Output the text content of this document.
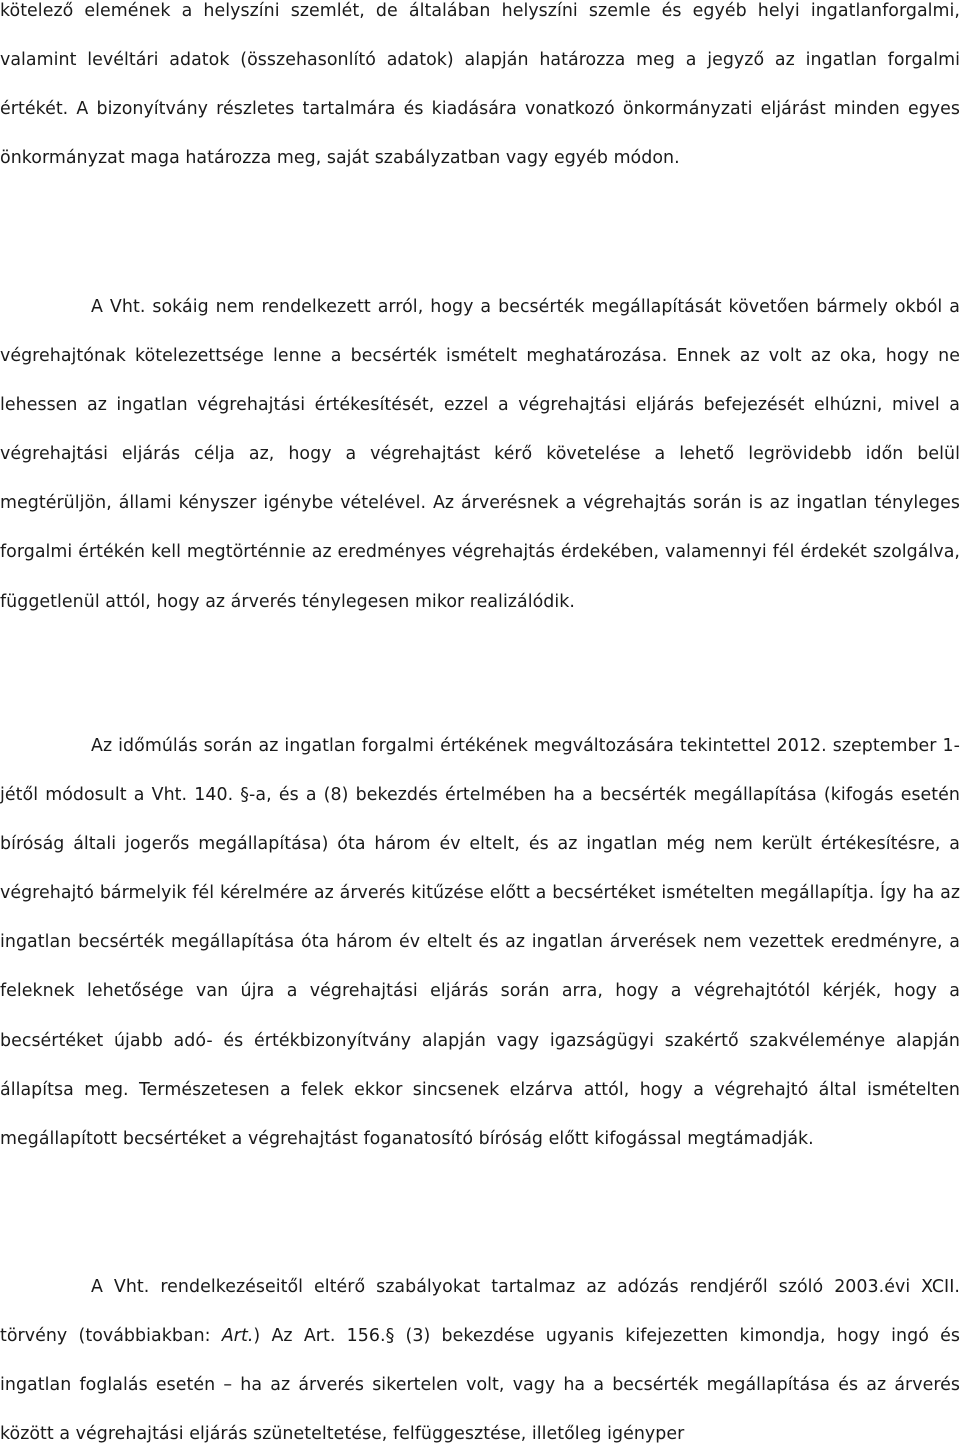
kötelező elemének a helyszíni szemlét, de általában helyszíni szemle és egyéb helyi ingatlanforgalmi, valamint levéltári adatok (összehasonlító adatok) alapján határozza meg a jegyző az ingatlan forgalmi értékét. A bizonyítvány részletes tartalmára és kiadására vonatkozó önkormányzati eljárást minden egyes önkormányzat maga határozza meg, saját szabályzatban vagy egyéb módon.

A Vht. sokáig nem rendelkezett arról, hogy a becsérték megállapítását követően bármely okból a végrehajtónak kötelezettsége lenne a becsérték ismételt meghatározása. Ennek az volt az oka, hogy ne lehessen az ingatlan végrehajtási értékesítését, ezzel a végrehajtási eljárás befejezését elhúzni, mivel a végrehajtási eljárás célja az, hogy a végrehajtást kérő követelése a lehető legrövidebb időn belül megtérüljön, állami kényszer igénybe vételével. Az árverésnek a végrehajtás során is az ingatlan tényleges forgalmi értékén kell megtörténnie az eredményes végrehajtás érdekében, valamennyi fél érdekét szolgálva, függetlenül attól, hogy az árverés ténylegesen mikor realizálódik.

Az időmúlás során az ingatlan forgalmi értékének megváltozására tekintettel 2012. szeptember 1-jétől módosult a Vht. 140. §-a, és a (8) bekezdés értelmében ha a becsérték megállapítása (kifogás esetén bíróság általi jogerős megállapítása) óta három év eltelt, és az ingatlan még nem került értékesítésre, a végrehajtó bármelyik fél kérelmére az árverés kitűzése előtt a becsértéket ismételten megállapítja. Így ha az ingatlan becsérték megállapítása óta három év eltelt és az ingatlan árverések nem vezettek eredményre, a feleknek lehetősége van újra a végrehajtási eljárás során arra, hogy a végrehajtótól kérjék, hogy a becsértéket újabb adó- és értékbizonyítvány alapján vagy igazságügyi szakértő szakvéleménye alapján állapítsa meg. Természetesen a felek ekkor sincsenek elzárva attól, hogy a végrehajtó által ismételten megállapított becsértéket a végrehajtást foganatosító bíróság előtt kifogással megtámadják.

A Vht. rendelkezéseitől eltérő szabályokat tartalmaz az adózás rendjéről szóló 2003.évi XCII. törvény (továbbiakban: Art.) Az Art. 156.§ (3) bekezdése ugyanis kifejezetten kimondja, hogy ingó és ingatlan foglalás esetén – ha az árverés sikertelen volt, vagy ha a becsérték megállapítása és az árverés között a végrehajtási eljárás szüneteltetése, felfüggesztése, illetőleg igényper
